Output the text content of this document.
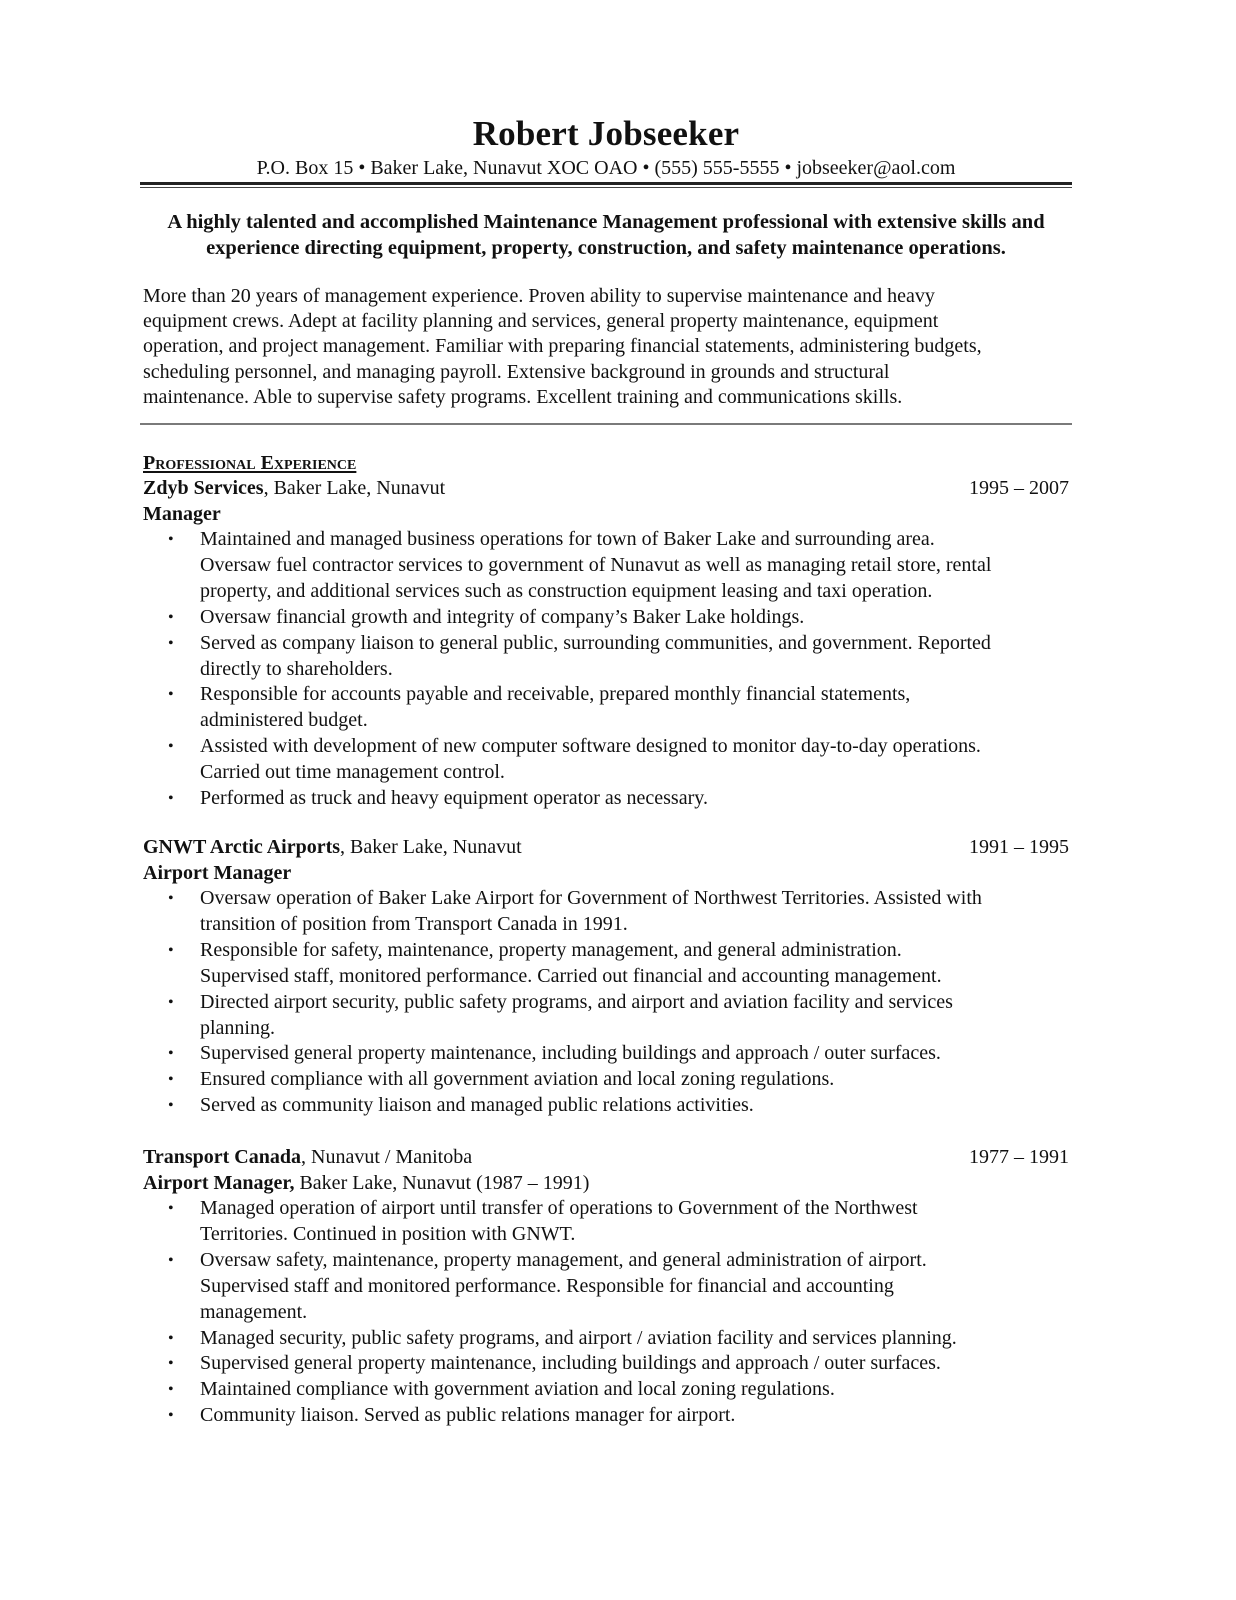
Robert Jobseeker
P.O. Box 15 • Baker Lake, Nunavut XOC OAO • (555) 555-5555 • jobseeker@aol.com
A highly talented and accomplished Maintenance Management professional with extensive skills and
experience directing equipment, property, construction, and safety maintenance operations.
More than 20 years of management experience. Proven ability to supervise maintenance and heavy
equipment crews. Adept at facility planning and services, general property maintenance, equipment
operation, and project management. Familiar with preparing financial statements, administering budgets,
scheduling personnel, and managing payroll. Extensive background in grounds and structural
maintenance. Able to supervise safety programs. Excellent training and communications skills.
Professional Experience
Zdyb Services, Baker Lake, Nunavut	1995 – 2007
Manager
• Maintained and managed business operations for town of Baker Lake and surrounding area.
Oversaw fuel contractor services to government of Nunavut as well as managing retail store, rental
property, and additional services such as construction equipment leasing and taxi operation.
• Oversaw financial growth and integrity of company’s Baker Lake holdings.
• Served as company liaison to general public, surrounding communities, and government. Reported
directly to shareholders.
• Responsible for accounts payable and receivable, prepared monthly financial statements,
administered budget.
• Assisted with development of new computer software designed to monitor day-to-day operations.
Carried out time management control.
• Performed as truck and heavy equipment operator as necessary.
GNWT Arctic Airports, Baker Lake, Nunavut	1991 – 1995
Airport Manager
• Oversaw operation of Baker Lake Airport for Government of Northwest Territories. Assisted with
transition of position from Transport Canada in 1991.
• Responsible for safety, maintenance, property management, and general administration.
Supervised staff, monitored performance. Carried out financial and accounting management.
• Directed airport security, public safety programs, and airport and aviation facility and services
planning.
• Supervised general property maintenance, including buildings and approach / outer surfaces.
• Ensured compliance with all government aviation and local zoning regulations.
• Served as community liaison and managed public relations activities.
Transport Canada, Nunavut / Manitoba	1977 – 1991
Airport Manager, Baker Lake, Nunavut (1987 – 1991)
• Managed operation of airport until transfer of operations to Government of the Northwest
Territories. Continued in position with GNWT.
• Oversaw safety, maintenance, property management, and general administration of airport.
Supervised staff and monitored performance. Responsible for financial and accounting
management.
• Managed security, public safety programs, and airport / aviation facility and services planning.
• Supervised general property maintenance, including buildings and approach / outer surfaces.
• Maintained compliance with government aviation and local zoning regulations.
• Community liaison. Served as public relations manager for airport.
